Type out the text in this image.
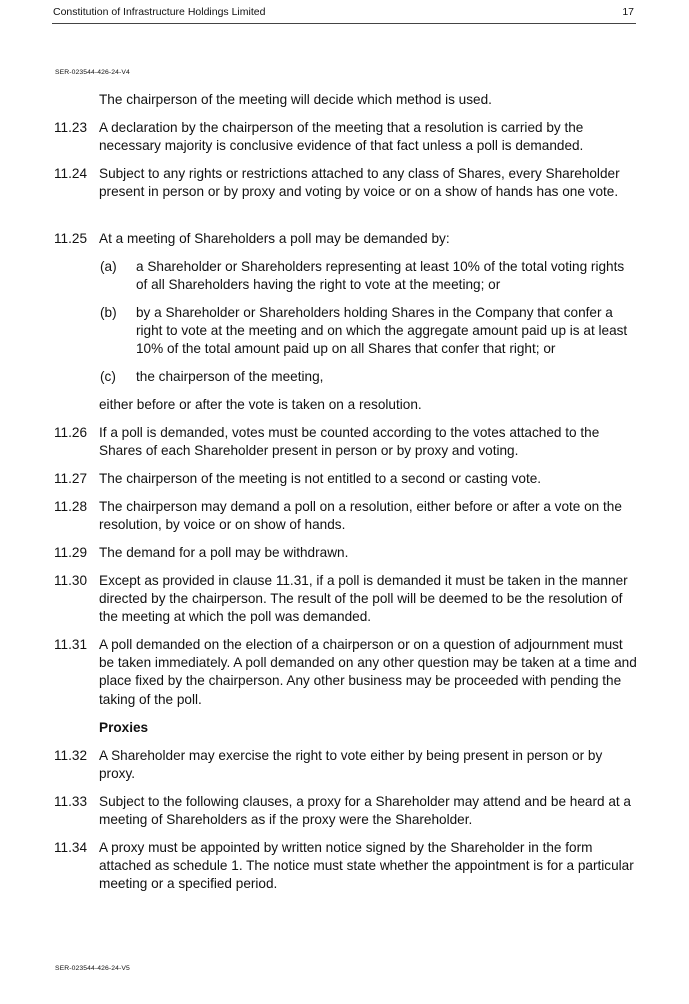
Constitution of Infrastructure Holdings Limited	17
SER-023544-426-24-V4
The chairperson of the meeting will decide which method is used.
11.23 A declaration by the chairperson of the meeting that a resolution is carried by the necessary majority is conclusive evidence of that fact unless a poll is demanded.
11.24 Subject to any rights or restrictions attached to any class of Shares, every Shareholder present in person or by proxy and voting by voice or on a show of hands has one vote.
11.25 At a meeting of Shareholders a poll may be demanded by:
(a) a Shareholder or Shareholders representing at least 10% of the total voting rights of all Shareholders having the right to vote at the meeting; or
(b) by a Shareholder or Shareholders holding Shares in the Company that confer a right to vote at the meeting and on which the aggregate amount paid up is at least 10% of the total amount paid up on all Shares that confer that right; or
(c) the chairperson of the meeting,
either before or after the vote is taken on a resolution.
11.26 If a poll is demanded, votes must be counted according to the votes attached to the Shares of each Shareholder present in person or by proxy and voting.
11.27 The chairperson of the meeting is not entitled to a second or casting vote.
11.28 The chairperson may demand a poll on a resolution, either before or after a vote on the resolution, by voice or on show of hands.
11.29 The demand for a poll may be withdrawn.
11.30 Except as provided in clause 11.31, if a poll is demanded it must be taken in the manner directed by the chairperson. The result of the poll will be deemed to be the resolution of the meeting at which the poll was demanded.
11.31 A poll demanded on the election of a chairperson or on a question of adjournment must be taken immediately. A poll demanded on any other question may be taken at a time and place fixed by the chairperson. Any other business may be proceeded with pending the taking of the poll.
Proxies
11.32 A Shareholder may exercise the right to vote either by being present in person or by proxy.
11.33 Subject to the following clauses, a proxy for a Shareholder may attend and be heard at a meeting of Shareholders as if the proxy were the Shareholder.
11.34 A proxy must be appointed by written notice signed by the Shareholder in the form attached as schedule 1. The notice must state whether the appointment is for a particular meeting or a specified period.
SER-023544-426-24-V5
